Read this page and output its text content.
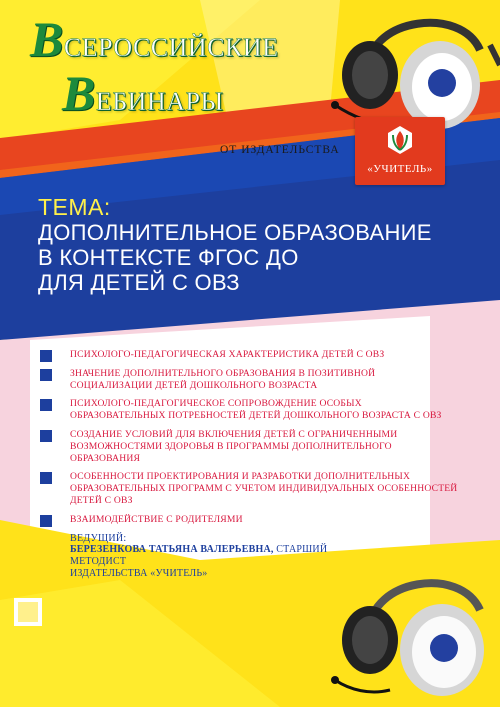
ВСЕРОССИЙСКИЕ
ВЕБИНАРЫ
ОТ ИЗДАТЕЛЬСТВА
«УЧИТЕЛЬ»
ТЕМА:
ДОПОЛНИТЕЛЬНОЕ ОБРАЗОВАНИЕ
В КОНТЕКСТЕ ФГОС ДО
ДЛЯ ДЕТЕЙ С ОВЗ
ПСИХОЛОГО-ПЕДАГОГИЧЕСКАЯ ХАРАКТЕРИСТИКА ДЕТЕЙ С ОВЗ
ЗНАЧЕНИЕ ДОПОЛНИТЕЛЬНОГО ОБРАЗОВАНИЯ В ПОЗИТИВНОЙ СОЦИАЛИЗАЦИИ ДЕТЕЙ ДОШКОЛЬНОГО ВОЗРАСТА
ПСИХОЛОГО-ПЕДАГОГИЧЕСКОЕ СОПРОВОЖДЕНИЕ ОСОБЫХ ОБРАЗОВАТЕЛЬНЫХ ПОТРЕБНОСТЕЙ ДЕТЕЙ ДОШКОЛЬНОГО ВОЗРАСТА С ОВЗ
СОЗДАНИЕ УСЛОВИЙ ДЛЯ ВКЛЮЧЕНИЯ ДЕТЕЙ С ОГРАНИЧЕННЫМИ ВОЗМОЖНОСТЯМИ ЗДОРОВЬЯ В ПРОГРАММЫ ДОПОЛНИТЕЛЬНОГО ОБРАЗОВАНИЯ
ОСОБЕННОСТИ ПРОЕКТИРОВАНИЯ И РАЗРАБОТКИ ДОПОЛНИТЕЛЬНЫХ ОБРАЗОВАТЕЛЬНЫХ ПРОГРАММ С УЧЕТОМ ИНДИВИДУАЛЬНЫХ ОСОБЕННОСТЕЙ ДЕТЕЙ С ОВЗ
ВЗАИМОДЕЙСТВИЕ С РОДИТЕЛЯМИ
ВЕДУЩИЙ:
БЕРЕЗЕНКОВА ТАТЬЯНА ВАЛЕРЬЕВНА, СТАРШИЙ МЕТОДИСТ
ИЗДАТЕЛЬСТВА «УЧИТЕЛЬ»
